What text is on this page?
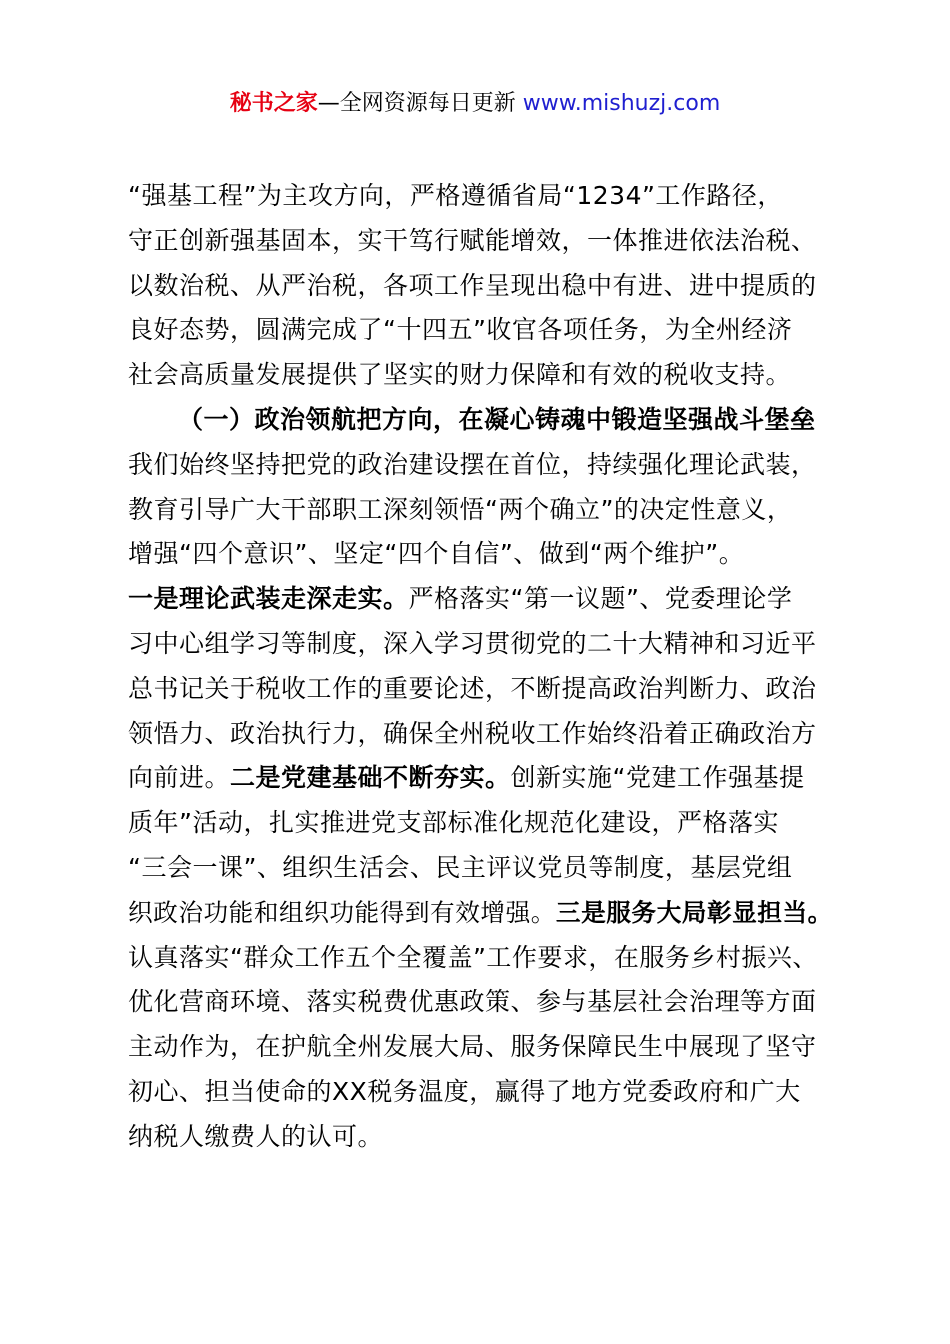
秘书之家—全网资源每日更新 www.mishuzj.com
“强基工程”为主攻方向，严格遵循省局“1234”工作路径，
守正创新强基固本，实干笃行赋能增效，一体推进依法治税、
以数治税、从严治税，各项工作呈现出稳中有进、进中提质的
良好态势，圆满完成了“十四五”收官各项任务，为全州经济
社会高质量发展提供了坚实的财力保障和有效的税收支持。
（一）政治领航把方向，在凝心铸魂中锻造坚强战斗堡垒
我们始终坚持把党的政治建设摆在首位，持续强化理论武装，
教育引导广大干部职工深刻领悟“两个确立”的决定性意义，
增强“四个意识”、坚定“四个自信”、做到“两个维护”。
一是理论武装走深走实。严格落实“第一议题”、党委理论学
习中心组学习等制度，深入学习贯彻党的二十大精神和习近平
总书记关于税收工作的重要论述，不断提高政治判断力、政治
领悟力、政治执行力，确保全州税收工作始终沿着正确政治方
向前进。二是党建基础不断夯实。创新实施“党建工作强基提
质年”活动，扎实推进党支部标准化规范化建设，严格落实
“三会一课”、组织生活会、民主评议党员等制度，基层党组
织政治功能和组织功能得到有效增强。三是服务大局彰显担当。
认真落实“群众工作五个全覆盖”工作要求，在服务乡村振兴、
优化营商环境、落实税费优惠政策、参与基层社会治理等方面
主动作为，在护航全州发展大局、服务保障民生中展现了坚守
初心、担当使命的XX税务温度，赢得了地方党委政府和广大
纳税人缴费人的认可。
